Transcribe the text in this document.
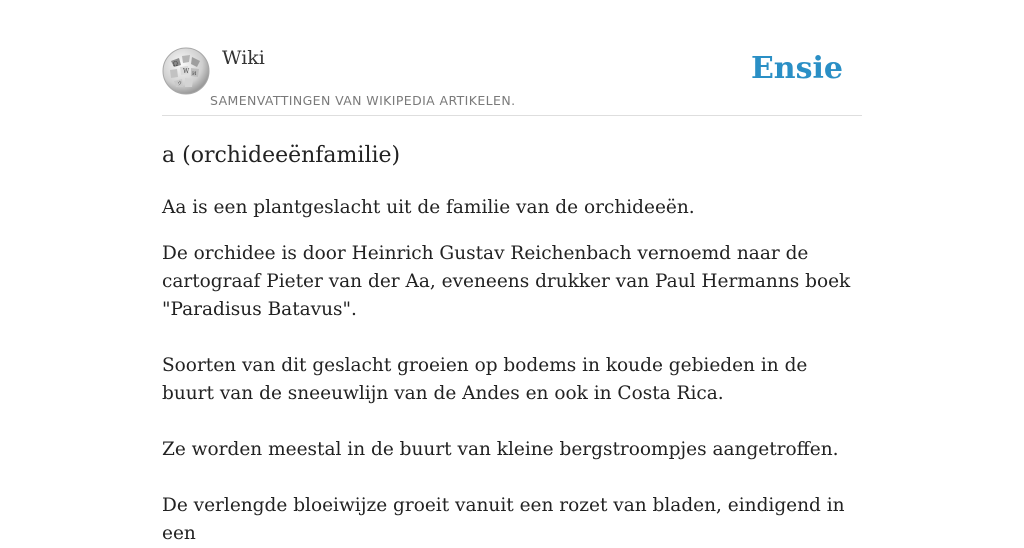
Ω
W И
ウ
Wiki
SAMENVATTINGEN VAN WIKIPEDIA ARTIKELEN.
Ensie
a (orchideeënfamilie)

Aa is een plantgeslacht uit de familie van de orchideeën.

De orchidee is door Heinrich Gustav Reichenbach vernoemd naar de cartograaf Pieter van der Aa, eveneens drukker van Paul Hermanns boek "Paradisus Batavus".

Soorten van dit geslacht groeien op bodems in koude gebieden in de buurt van de sneeuwlijn van de Andes en ook in Costa Rica.

Ze worden meestal in de buurt van kleine bergstroompjes aangetroffen.

De verlengde bloeiwijze groeit vanuit een rozet van bladen, eindigend in een
